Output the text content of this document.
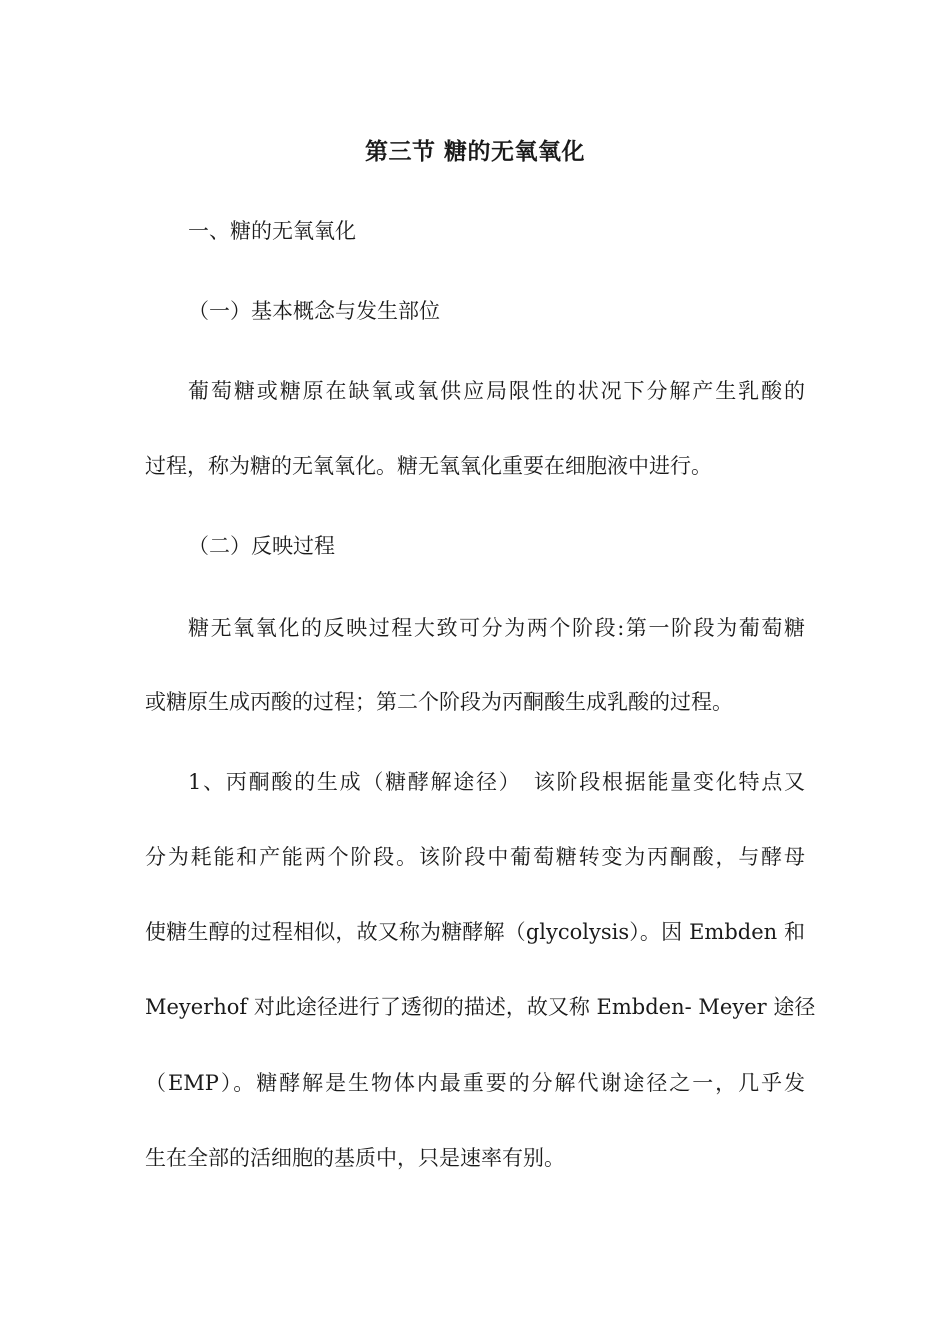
第三节 糖的无氧氧化
一、糖的无氧氧化
（一）基本概念与发生部位
葡萄糖或糖原在缺氧或氧供应局限性的状况下分解产生乳酸的
过程，称为糖的无氧氧化。糖无氧氧化重要在细胞液中进行。
（二）反映过程
糖无氧氧化的反映过程大致可分为两个阶段:第一阶段为葡萄糖
或糖原生成丙酸的过程；第二个阶段为丙酮酸生成乳酸的过程。
1、丙酮酸的生成（糖酵解途径）　该阶段根据能量变化特点又
分为耗能和产能两个阶段。该阶段中葡萄糖转变为丙酮酸，与酵母
使糖生醇的过程相似，故又称为糖酵解（glycolysis）。因 Embden 和
Meyerhof 对此途径进行了透彻的描述，故又称 Embden- Meyer 途径
（EMP）。糖酵解是生物体内最重要的分解代谢途径之一，几乎发
生在全部的活细胞的基质中，只是速率有别。
